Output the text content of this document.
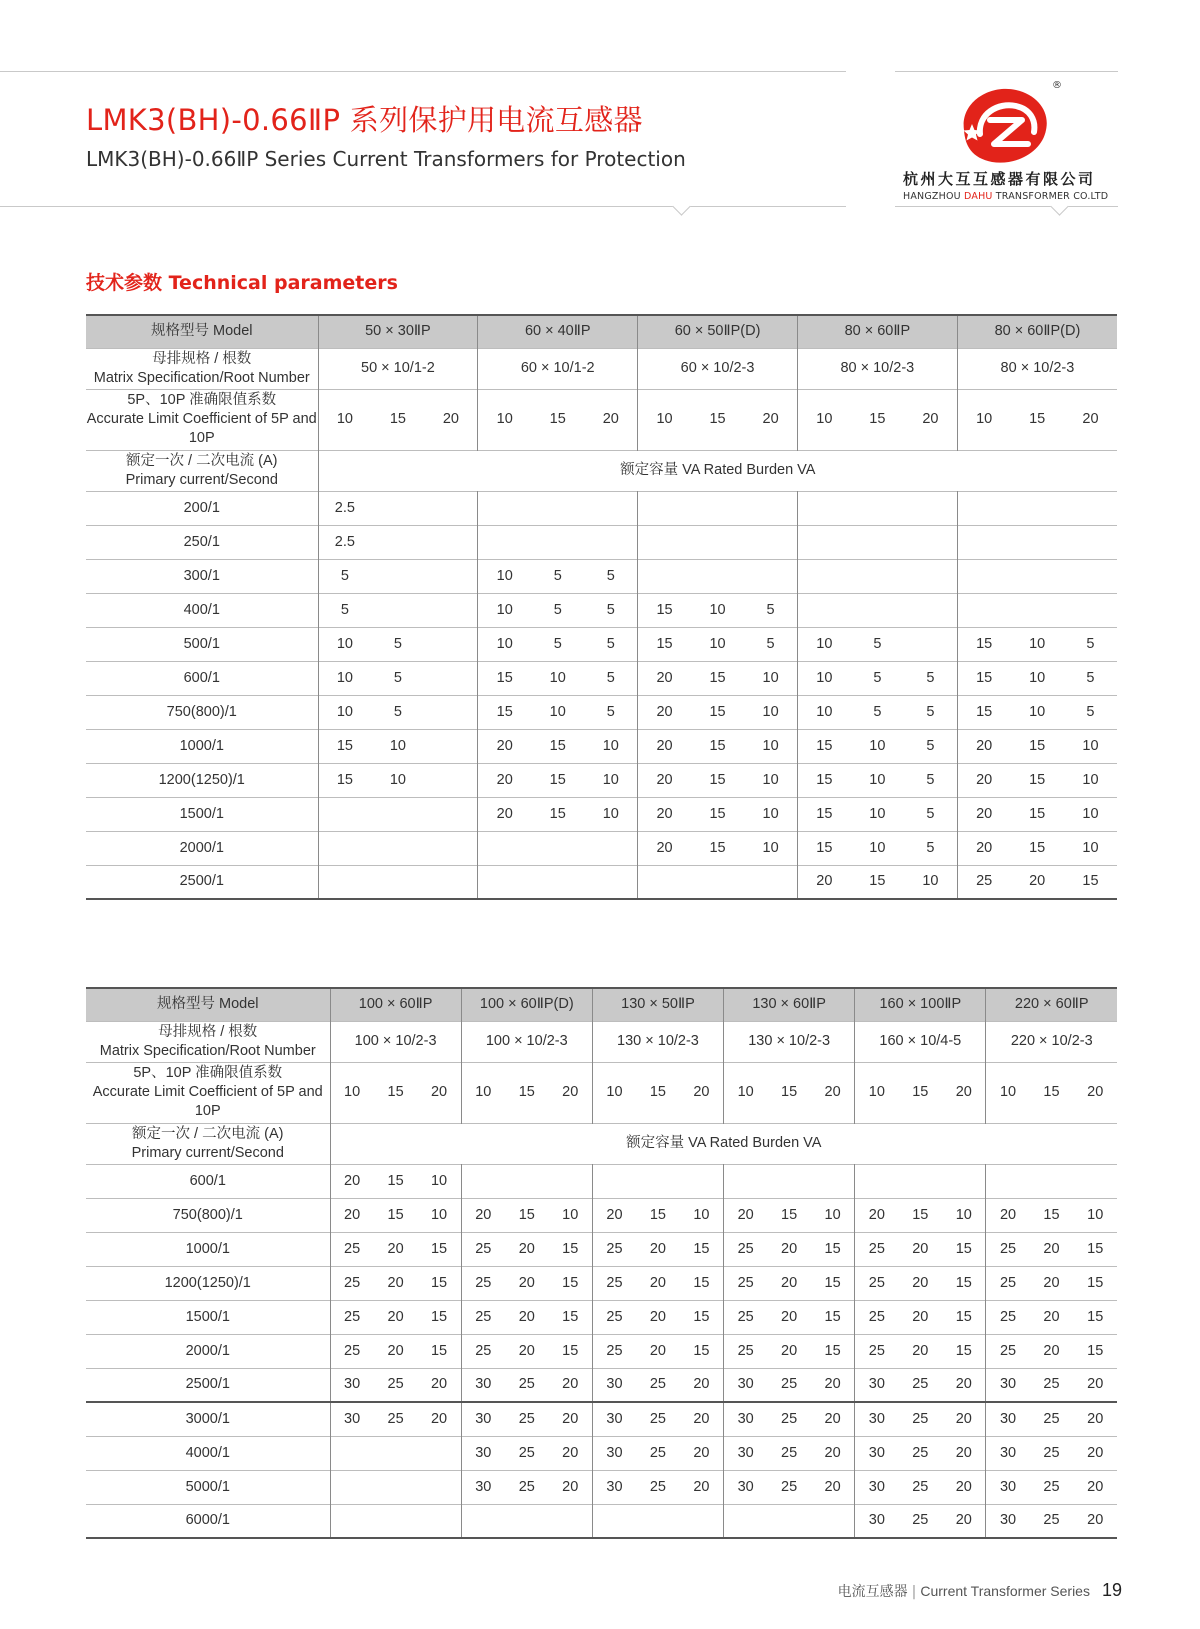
LMK3(BH)-0.66ⅡP 系列保护用电流互感器
LMK3(BH)-0.66ⅡP Series Current Transformers for Protection
®
杭州大互互感器有限公司
HANGZHOU DAHU TRANSFORMER CO.LTD
技术参数 Technical parameters
规格型号 Model	50 × 30ⅡP			60 × 40ⅡP			60 × 50ⅡP(D)			80 × 60ⅡP			80 × 60ⅡP(D)		

母排规格 / 根数
Matrix Specification/Root Number	50 × 10/1-2			60 × 10/1-2			60 × 10/2-3			80 × 10/2-3			80 × 10/2-3		

5P、10P 准确限值系数
Accurate Limit Coefficient of 5P and 10P	10	15	20	10	15	20	10	15	20	10	15	20	10	15	20

额定一次 / 二次电流 (A)
Primary current/Second	额定容量 VA Rated Burden VA														
200/1	2.5														
250/1	2.5														
300/1	5			10	5	5									
400/1	5			10	5	5	15	10	5						
500/1	10	5		10	5	5	15	10	5	10	5		15	10	5
600/1	10	5		15	10	5	20	15	10	10	5	5	15	10	5
750(800)/1	10	5		15	10	5	20	15	10	10	5	5	15	10	5
1000/1	15	10		20	15	10	20	15	10	15	10	5	20	15	10
1200(1250)/1	15	10		20	15	10	20	15	10	15	10	5	20	15	10
1500/1				20	15	10	20	15	10	15	10	5	20	15	10
2000/1							20	15	10	15	10	5	20	15	10
2500/1										20	15	10	25	20	15
规格型号 Model	100 × 60ⅡP			100 × 60ⅡP(D)			130 × 50ⅡP			130 × 60ⅡP			160 × 100ⅡP			220 × 60ⅡP		

母排规格 / 根数
Matrix Specification/Root Number	100 × 10/2-3			100 × 10/2-3			130 × 10/2-3			130 × 10/2-3			160 × 10/4-5			220 × 10/2-3		

5P、10P 准确限值系数
Accurate Limit Coefficient of 5P and 10P	10	15	20	10	15	20	10	15	20	10	15	20	10	15	20	10	15	20

额定一次 / 二次电流 (A)
Primary current/Second	额定容量 VA Rated Burden VA																	
600/1	20	15	10															
750(800)/1	20	15	10	20	15	10	20	15	10	20	15	10	20	15	10	20	15	10
1000/1	25	20	15	25	20	15	25	20	15	25	20	15	25	20	15	25	20	15
1200(1250)/1	25	20	15	25	20	15	25	20	15	25	20	15	25	20	15	25	20	15
1500/1	25	20	15	25	20	15	25	20	15	25	20	15	25	20	15	25	20	15
2000/1	25	20	15	25	20	15	25	20	15	25	20	15	25	20	15	25	20	15
2500/1	30	25	20	30	25	20	30	25	20	30	25	20	30	25	20	30	25	20
3000/1	30	25	20	30	25	20	30	25	20	30	25	20	30	25	20	30	25	20
4000/1				30	25	20	30	25	20	30	25	20	30	25	20	30	25	20
5000/1				30	25	20	30	25	20	30	25	20	30	25	20	30	25	20
6000/1													30	25	20	30	25	20
电流互感器 | Current Transformer Series 19
